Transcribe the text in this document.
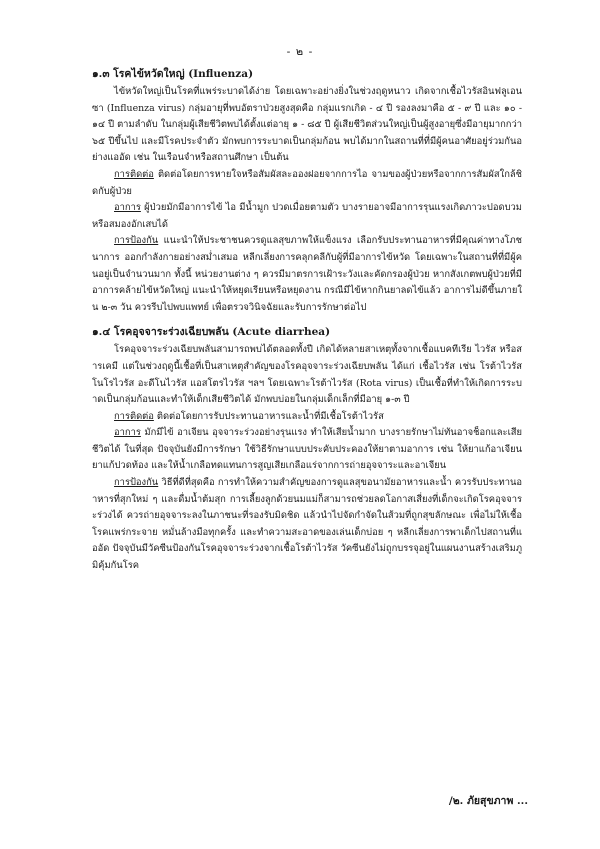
- ๒ -
๑.๓ โรคไข้หวัดใหญ่ (Influenza)

ไข้หวัดใหญ่เป็นโรคที่แพร่ระบาดได้ง่าย โดยเฉพาะอย่างยิ่งในช่วงฤดูหนาว เกิดจากเชื้อไวรัสอินฟลูเอนซา (Influenza virus) กลุ่มอายุที่พบอัตราป่วยสูงสุดคือ กลุ่มแรกเกิด - ๔ ปี รองลงมาคือ ๕ - ๙ ปี และ ๑๐ - ๑๔ ปี ตามลำดับ ในกลุ่มผู้เสียชีวิตพบได้ตั้งแต่อายุ ๑ - ๘๕ ปี ผู้เสียชีวิตส่วนใหญ่เป็นผู้สูงอายุซึ่งมีอายุมากกว่า ๖๕ ปีขึ้นไป และมีโรคประจำตัว มักพบการระบาดเป็นกลุ่มก้อน พบได้มากในสถานที่ที่มีผู้คนอาศัยอยู่ร่วมกันอย่างแออัด เช่น ในเรือนจำหรือสถานศึกษา เป็นต้น

การติดต่อ ติดต่อโดยการหายใจหรือสัมผัสละอองฝอยจากการไอ จามของผู้ป่วยหรือจากการสัมผัสใกล้ชิดกับผู้ป่วย

อาการ ผู้ป่วยมักมีอาการไข้ ไอ มีน้ำมูก ปวดเมื่อยตามตัว บางรายอาจมีอาการรุนแรงเกิดภาวะปอดบวมหรือสมองอักเสบได้

การป้องกัน แนะนำให้ประชาชนควรดูแลสุขภาพให้แข็งแรง เลือกรับประทานอาหารที่มีคุณค่าทางโภชนาการ ออกกำลังกายอย่างสม่ำเสมอ หลีกเลี่ยงการคลุกคลีกับผู้ที่มีอาการไข้หวัด โดยเฉพาะในสถานที่ที่มีผู้คนอยู่เป็นจำนวนมาก ทั้งนี้ หน่วยงานต่าง ๆ ควรมีมาตรการเฝ้าระวังและคัดกรองผู้ป่วย หากสังเกตพบผู้ป่วยที่มีอาการคล้ายไข้หวัดใหญ่ แนะนำให้หยุดเรียนหรือหยุดงาน กรณีมีไข้หากกินยาลดไข้แล้ว อาการไม่ดีขึ้นภายใน ๒-๓ วัน ควรรีบไปพบแพทย์ เพื่อตรวจวินิจฉัยและรับการรักษาต่อไป

๑.๔ โรคอุจจาระร่วงเฉียบพลัน (Acute diarrhea)

โรคอุจจาระร่วงเฉียบพลันสามารถพบได้ตลอดทั้งปี เกิดได้หลายสาเหตุทั้งจากเชื้อแบคทีเรีย ไวรัส หรือสารเคมี แต่ในช่วงฤดูนี้เชื้อที่เป็นสาเหตุสำคัญของโรคอุจจาระร่วงเฉียบพลัน ได้แก่ เชื้อไวรัส เช่น โรต้าไวรัส โนโรไวรัส อะดีโนไวรัส แอสโตรไวรัส ฯลฯ โดยเฉพาะโรต้าไวรัส (Rota virus) เป็นเชื้อที่ทำให้เกิดการระบาดเป็นกลุ่มก้อนและทำให้เด็กเสียชีวิตได้ มักพบบ่อยในกลุ่มเด็กเล็กที่มีอายุ ๑-๓ ปี

การติดต่อ ติดต่อโดยการรับประทานอาหารและน้ำที่มีเชื้อโรต้าไวรัส

อาการ มักมีไข้ อาเจียน อุจจาระร่วงอย่างรุนแรง ทำให้เสียน้ำมาก บางรายรักษาไม่ทันอาจช็อกและเสียชีวิตได้ ในที่สุด ปัจจุบันยังมีการรักษา ใช้วิธีรักษาแบบประคับประคองให้ยาตามอาการ เช่น ให้ยาแก้อาเจียน ยาแก้ปวดท้อง และให้น้ำเกลือทดแทนการสูญเสียเกลือแร่จากการถ่ายอุจจาระและอาเจียน

การป้องกัน วิธีที่ดีที่สุดคือ การทำให้ความสำคัญของการดูแลสุขอนามัยอาหารและน้ำ ควรรับประทานอาหารที่สุกใหม่ ๆ และดื่มน้ำต้มสุก การเลี้ยงลูกด้วยนมแม่ก็สามารถช่วยลดโอกาสเสี่ยงที่เด็กจะเกิดโรคอุจจาระร่วงได้ ควรถ่ายอุจจาระลงในภาชนะที่รองรับมิดชิด แล้วนำไปจัดกำจัดในส้วมที่ถูกสุขลักษณะ เพื่อไม่ให้เชื้อโรคแพร่กระจาย หมั่นล้างมือทุกครั้ง และทำความสะอาดของเล่นเด็กบ่อย ๆ หลีกเลี่ยงการพาเด็กไปสถานที่แออัด ปัจจุบันมีวัคซีนป้องกันโรคอุจจาระร่วงจากเชื้อโรต้าไวรัส วัคซีนยังไม่ถูกบรรจุอยู่ในแผนงานสร้างเสริมภูมิคุ้มกันโรค

/๒. ภัยสุขภาพ ...
